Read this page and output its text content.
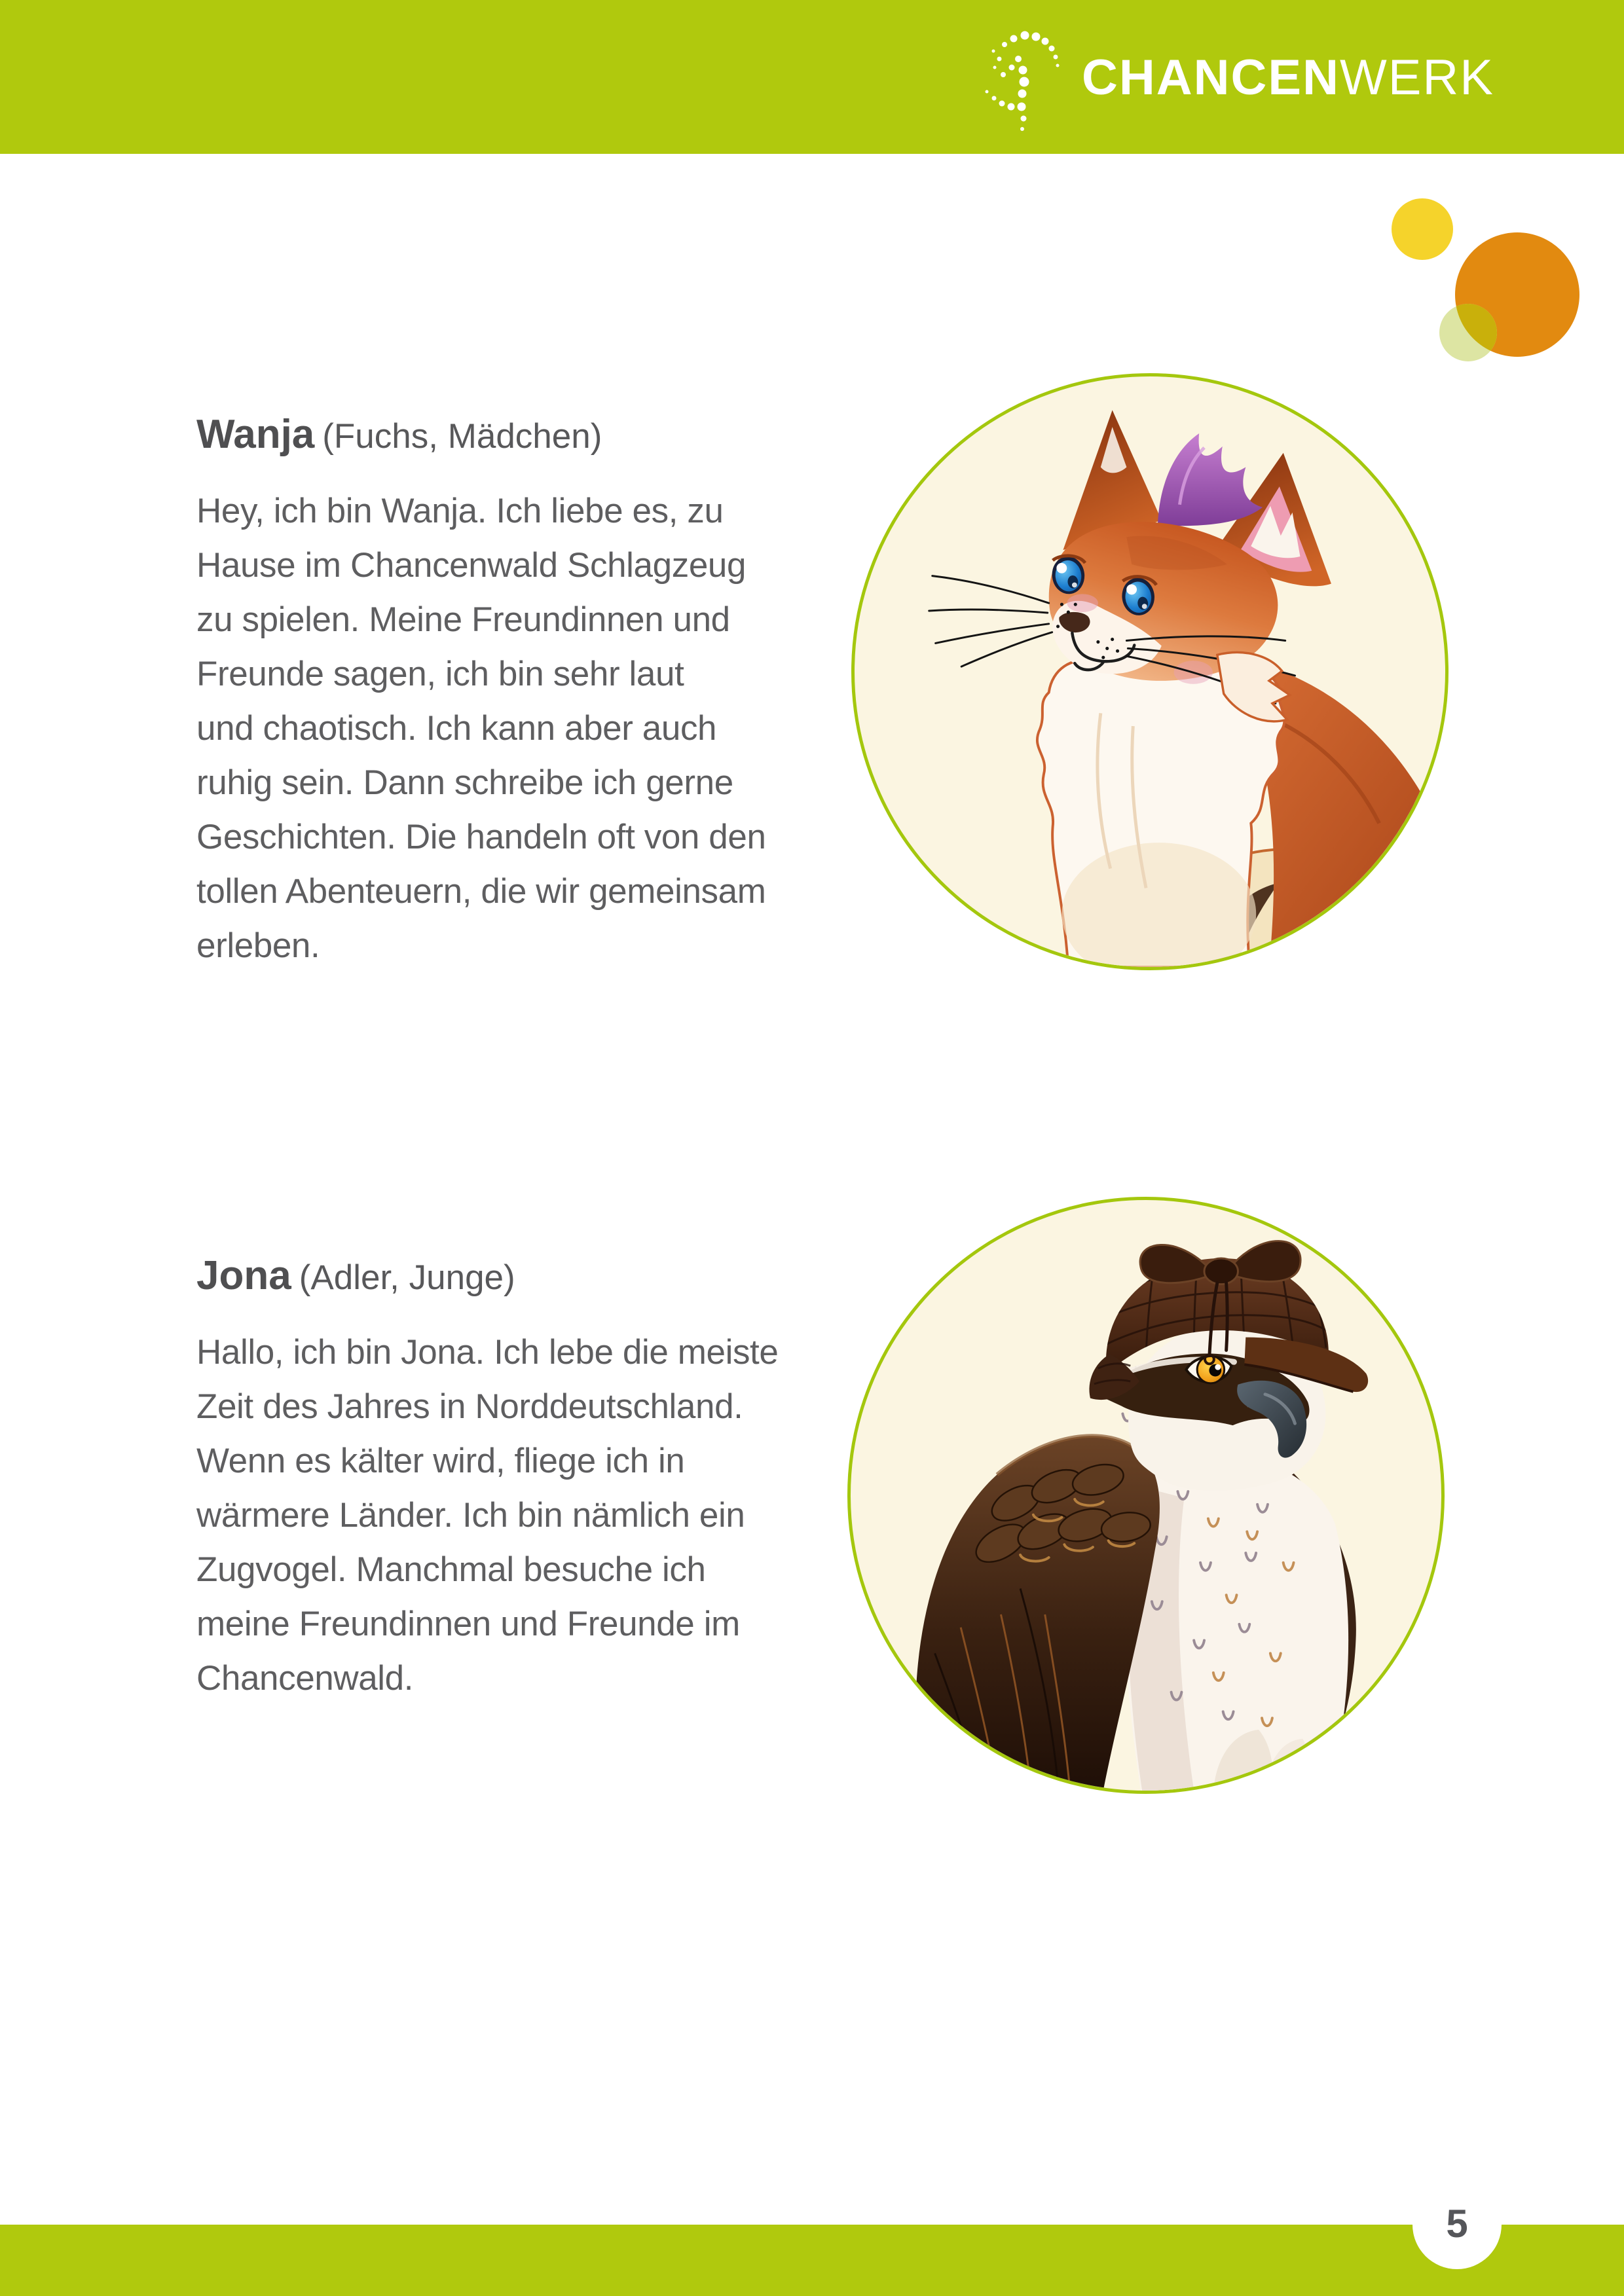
CHANCENWERK
Wanja (Fuchs, Mädchen)
Hey, ich bin Wanja. Ich liebe es, zu
Hause im Chancenwald Schlagzeug
zu spielen. Meine Freundinnen und
Freunde sagen, ich bin sehr laut
und chaotisch. Ich kann aber auch
ruhig sein. Dann schreibe ich gerne
Geschichten. Die handeln oft von den
tollen Abenteuern, die wir gemeinsam
erleben.
Jona (Adler, Junge)
Hallo, ich bin Jona. Ich lebe die meiste
Zeit des Jahres in Norddeutschland.
Wenn es kälter wird, fliege ich in
wärmere Länder. Ich bin nämlich ein
Zugvogel. Manchmal besuche ich
meine Freundinnen und Freunde im
Chancenwald.
5
